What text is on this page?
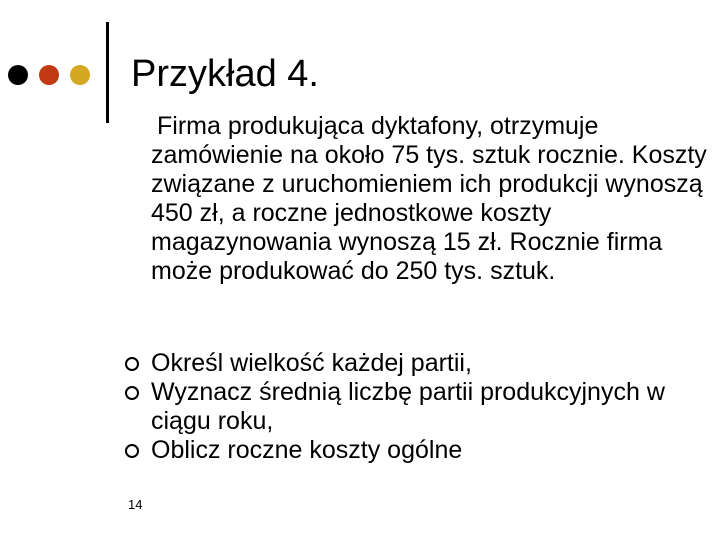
Przykład 4.

Firma produkująca dyktafony, otrzymuje zamówienie na około 75 tys. sztuk rocznie. Koszty związane z uruchomieniem ich produkcji wynoszą 450 zł, a roczne jednostkowe koszty magazynowania wynoszą 15 zł. Rocznie firma może produkować do 250 tys. sztuk.

Określ wielkość każdej partii,
Wyznacz średnią liczbę partii produkcyjnych w ciągu roku,
Oblicz roczne koszty ogólne
14
